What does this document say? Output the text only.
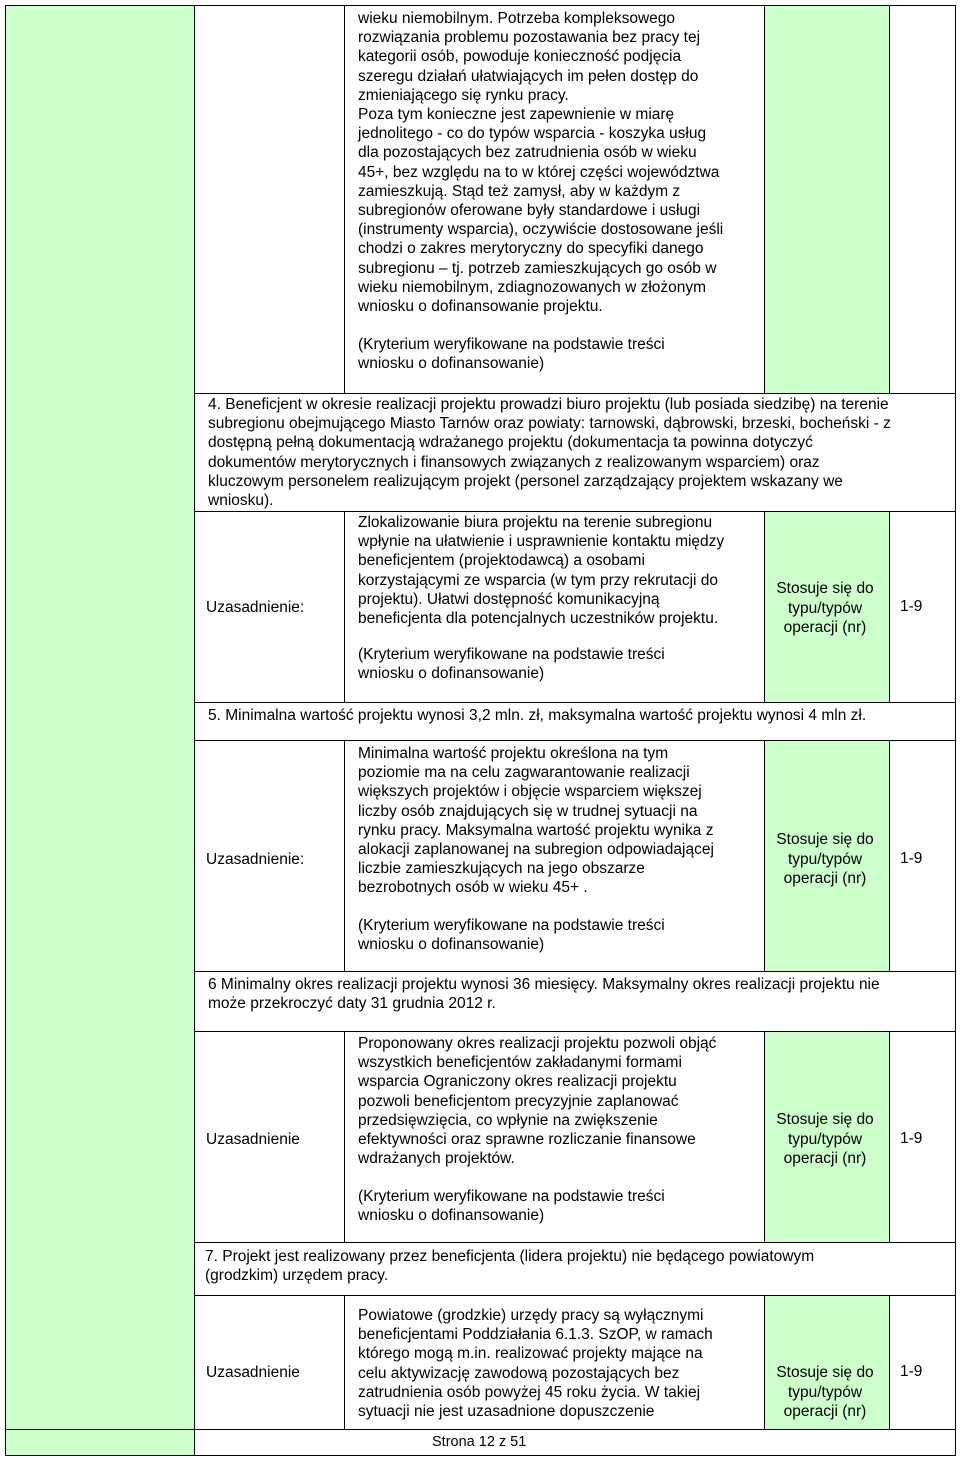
wieku niemobilnym. Potrzeba kompleksowego
rozwiązania problemu pozostawania bez pracy tej
kategorii osób, powoduje konieczność podjęcia
szeregu działań ułatwiających im pełen dostęp do
zmieniającego się rynku pracy.
Poza tym konieczne jest zapewnienie w miarę
jednolitego - co do typów wsparcia - koszyka usług
dla pozostających bez zatrudnienia osób w wieku
45+, bez względu na to w której części województwa
zamieszkują. Stąd też zamysł, aby w każdym z
subregionów oferowane były standardowe i usługi
(instrumenty wsparcia), oczywiście dostosowane jeśli
chodzi o zakres merytoryczny do specyfiki danego
subregionu – tj. potrzeb zamieszkujących go osób w
wieku niemobilnym, zdiagnozowanych w złożonym
wniosku o dofinansowanie projektu.
(Kryterium weryfikowane na podstawie treści
wniosku o dofinansowanie)
4. Beneficjent w okresie realizacji projektu prowadzi biuro projektu (lub posiada siedzibę) na terenie
subregionu obejmującego Miasto Tarnów oraz powiaty: tarnowski, dąbrowski, brzeski, bocheński - z
dostępną pełną dokumentacją wdrażanego projektu (dokumentacja ta powinna dotyczyć
dokumentów merytorycznych i finansowych związanych z realizowanym wsparciem) oraz
kluczowym personelem realizującym projekt (personel zarządzający projektem wskazany we
wniosku).
Uzasadnienie:
Zlokalizowanie biura projektu na terenie subregionu
wpłynie na ułatwienie i usprawnienie kontaktu między
beneficjentem (projektodawcą) a osobami
korzystającymi ze wsparcia (w tym przy rekrutacji do
projektu). Ułatwi dostępność komunikacyjną
beneficjenta dla potencjalnych uczestników projektu.
(Kryterium weryfikowane na podstawie treści
wniosku o dofinansowanie)
Stosuje się do
typu/typów
operacji (nr)
1-9
5. Minimalna wartość projektu wynosi 3,2 mln. zł, maksymalna wartość projektu wynosi 4 mln zł.
Uzasadnienie:
Minimalna wartość projektu określona na tym
poziomie ma na celu zagwarantowanie realizacji
większych projektów i objęcie wsparciem większej
liczby osób znajdujących się w trudnej sytuacji na
rynku pracy. Maksymalna wartość projektu wynika z
alokacji zaplanowanej na subregion odpowiadającej
liczbie zamieszkujących na jego obszarze
bezrobotnych osób w wieku 45+ .
(Kryterium weryfikowane na podstawie treści
wniosku o dofinansowanie)
Stosuje się do
typu/typów
operacji (nr)
1-9
6 Minimalny okres realizacji projektu wynosi 36 miesięcy. Maksymalny okres realizacji projektu nie
może przekroczyć daty 31 grudnia 2012 r.
Uzasadnienie
Proponowany okres realizacji projektu pozwoli objąć
wszystkich beneficjentów zakładanymi formami
wsparcia Ograniczony okres realizacji projektu
pozwoli beneficjentom precyzyjnie zaplanować
przedsięwzięcia, co wpłynie na zwiększenie
efektywności oraz sprawne rozliczanie finansowe
wdrażanych projektów.
(Kryterium weryfikowane na podstawie treści
wniosku o dofinansowanie)
Stosuje się do
typu/typów
operacji (nr)
1-9
7. Projekt jest realizowany przez beneficjenta (lidera projektu) nie będącego powiatowym
(grodzkim) urzędem pracy.
Uzasadnienie
Powiatowe (grodzkie) urzędy pracy są wyłącznymi
beneficjentami Poddziałania 6.1.3. SzOP, w ramach
którego mogą m.in. realizować projekty mające na
celu aktywizację zawodową pozostających bez
zatrudnienia osób powyżej 45 roku życia. W takiej
sytuacji nie jest uzasadnione dopuszczenie
Stosuje się do
typu/typów
operacji (nr)
1-9
Strona 12 z 51
